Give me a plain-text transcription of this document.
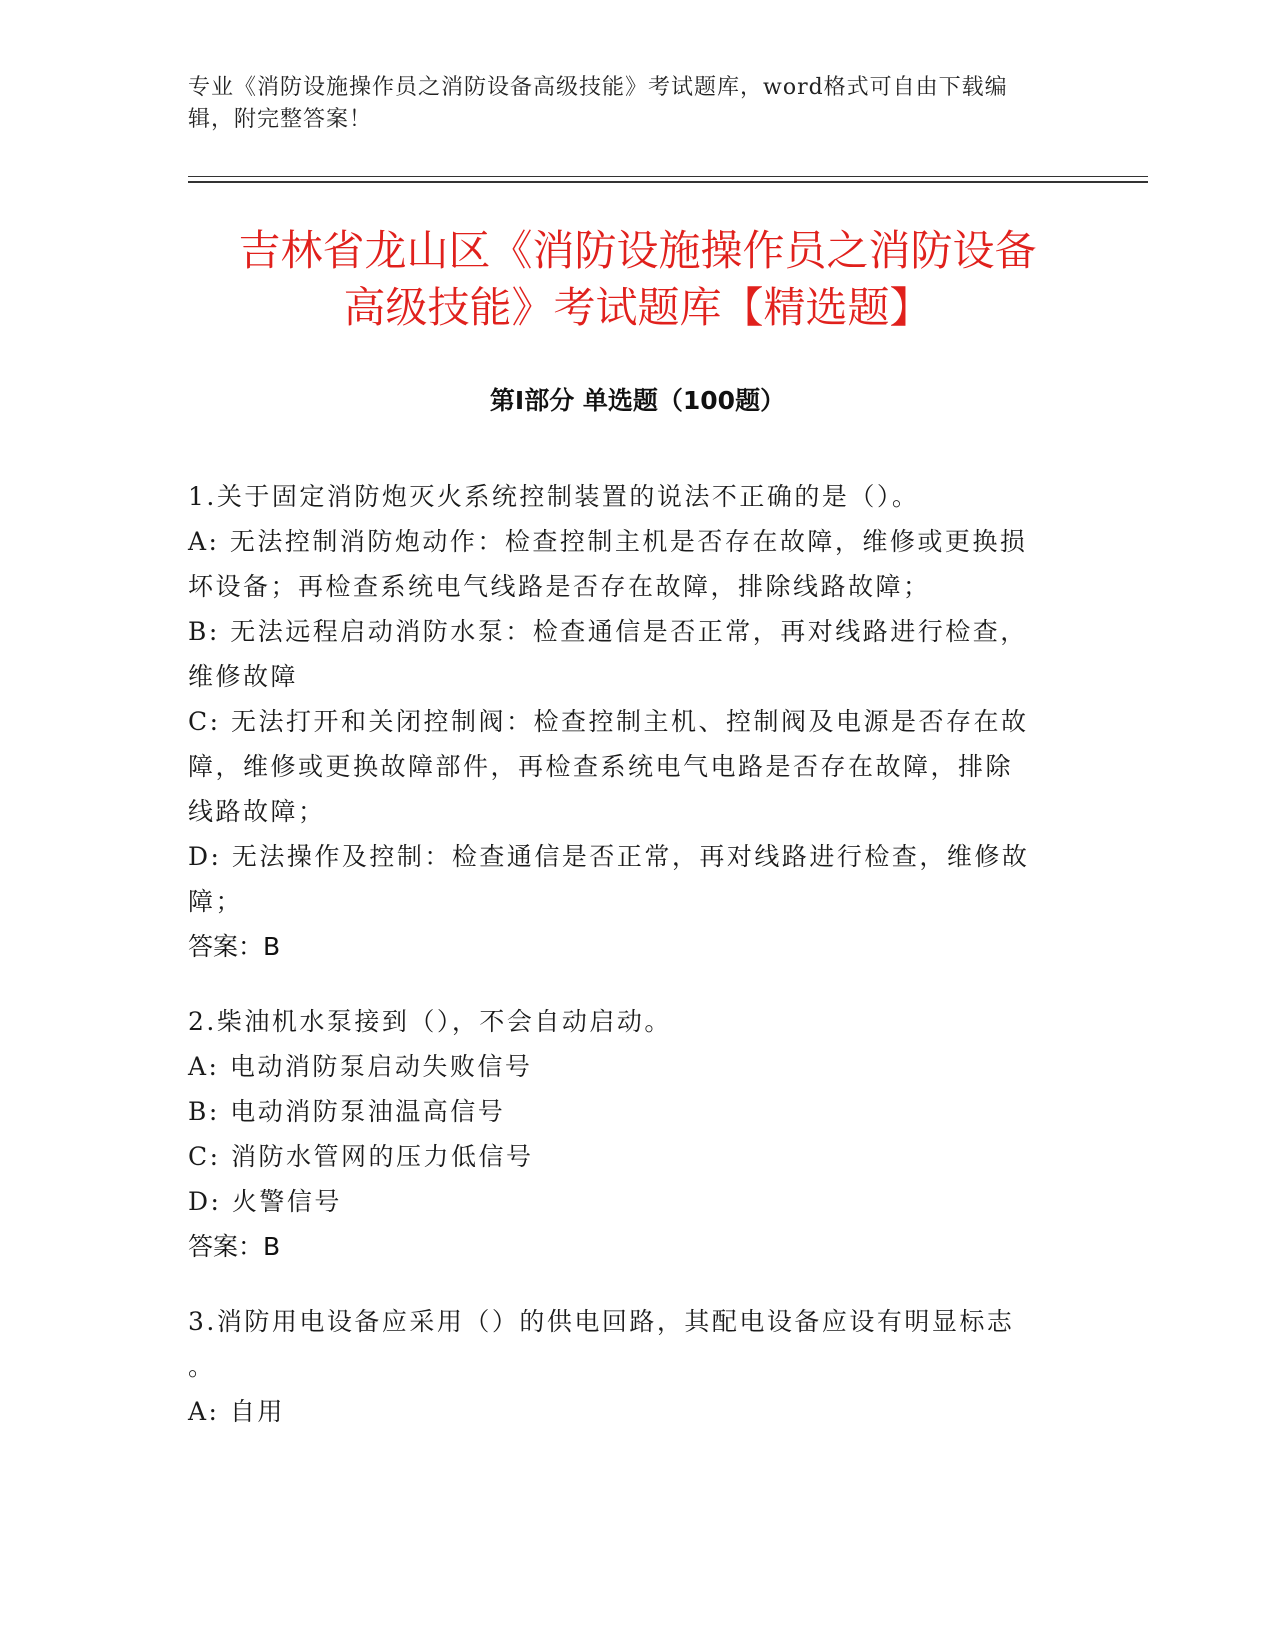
专业《消防设施操作员之消防设备高级技能》考试题库，word格式可自由下载编
辑，附完整答案！
吉林省龙山区《消防设施操作员之消防设备
高级技能》考试题库【精选题】
第Ⅰ部分 单选题（100题）
1.关于固定消防炮灭火系统控制装置的说法不正确的是（）。
A: 无法控制消防炮动作：检查控制主机是否存在故障，维修或更换损
坏设备；再检查系统电气线路是否存在故障，排除线路故障；
B: 无法远程启动消防水泵：检查通信是否正常，再对线路进行检查，
维修故障
C: 无法打开和关闭控制阀：检查控制主机、控制阀及电源是否存在故
障，维修或更换故障部件，再检查系统电气电路是否存在故障，排除
线路故障；
D: 无法操作及控制：检查通信是否正常，再对线路进行检查，维修故
障；
答案：B
2.柴油机水泵接到（），不会自动启动。
A: 电动消防泵启动失败信号
B: 电动消防泵油温高信号
C: 消防水管网的压力低信号
D: 火警信号
答案：B
3.消防用电设备应采用（）的供电回路，其配电设备应设有明显标志
。
A: 自用
